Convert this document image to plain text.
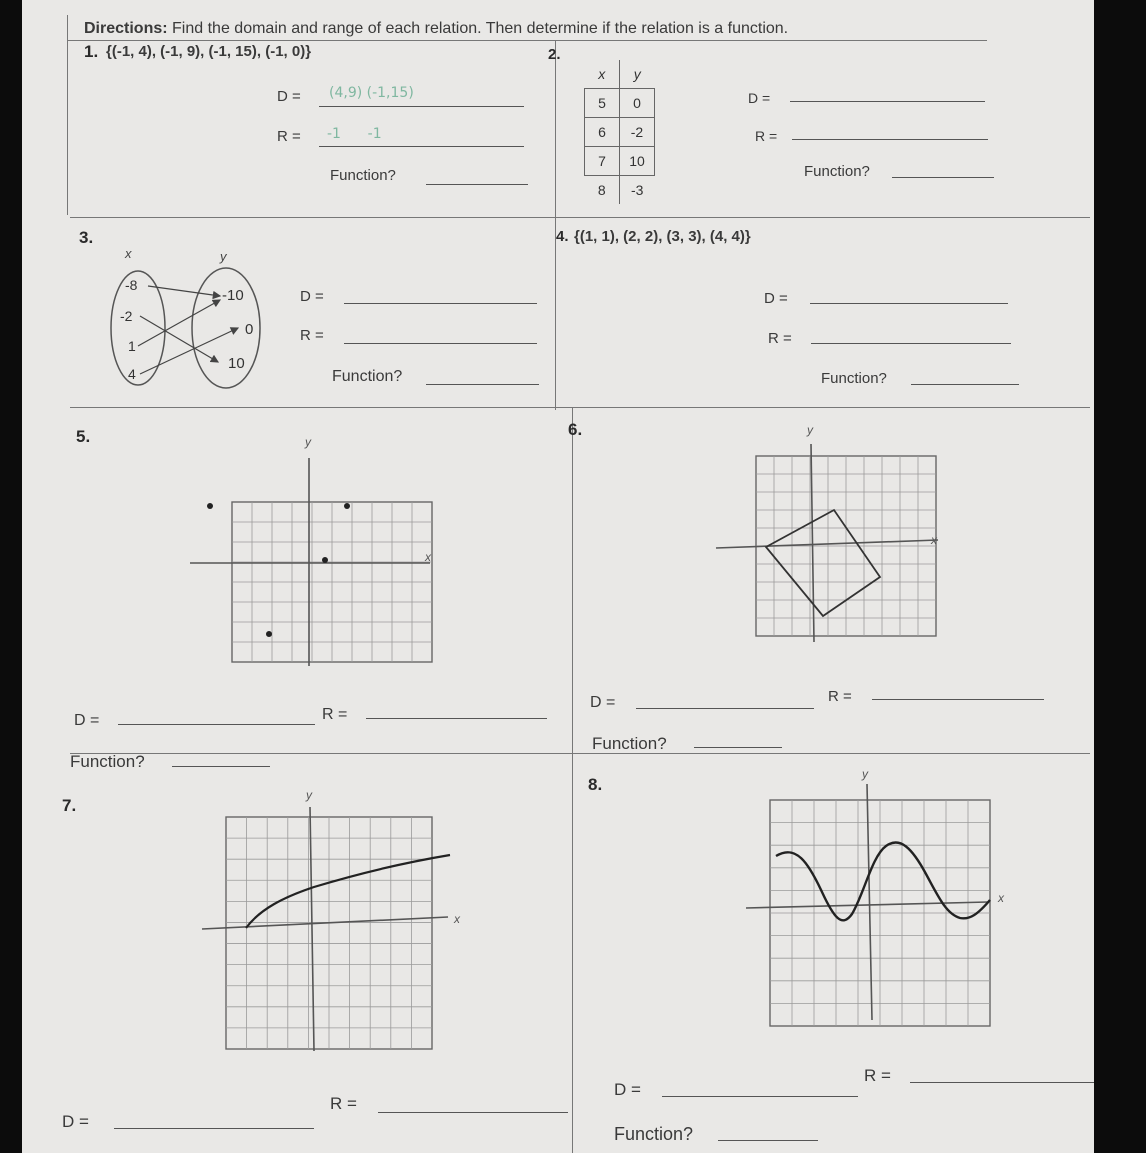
Directions: Find the domain and range of each relation. Then determine if the relation is a function.
1. {(-1, 4), (-1, 9), (-1, 15), (-1, 0)}
D = (4,9) (-1,15)
R = -1      -1
Function?
2.
x	y
5	0
6	-2
7	10
8	-3
D =
R =
Function?
3.
x	y
-8
-2
1
4
-10
0
10
D =
R =
Function?
4. {(1, 1), (2, 2), (3, 3), (4, 4)}
D =
R =
Function?
5.	y
x
D =	R =
Function?
6.	y
x
D =	R =
Function?
7.
y
x
D =
R =
8.
y
x
D =
R =
Function?
